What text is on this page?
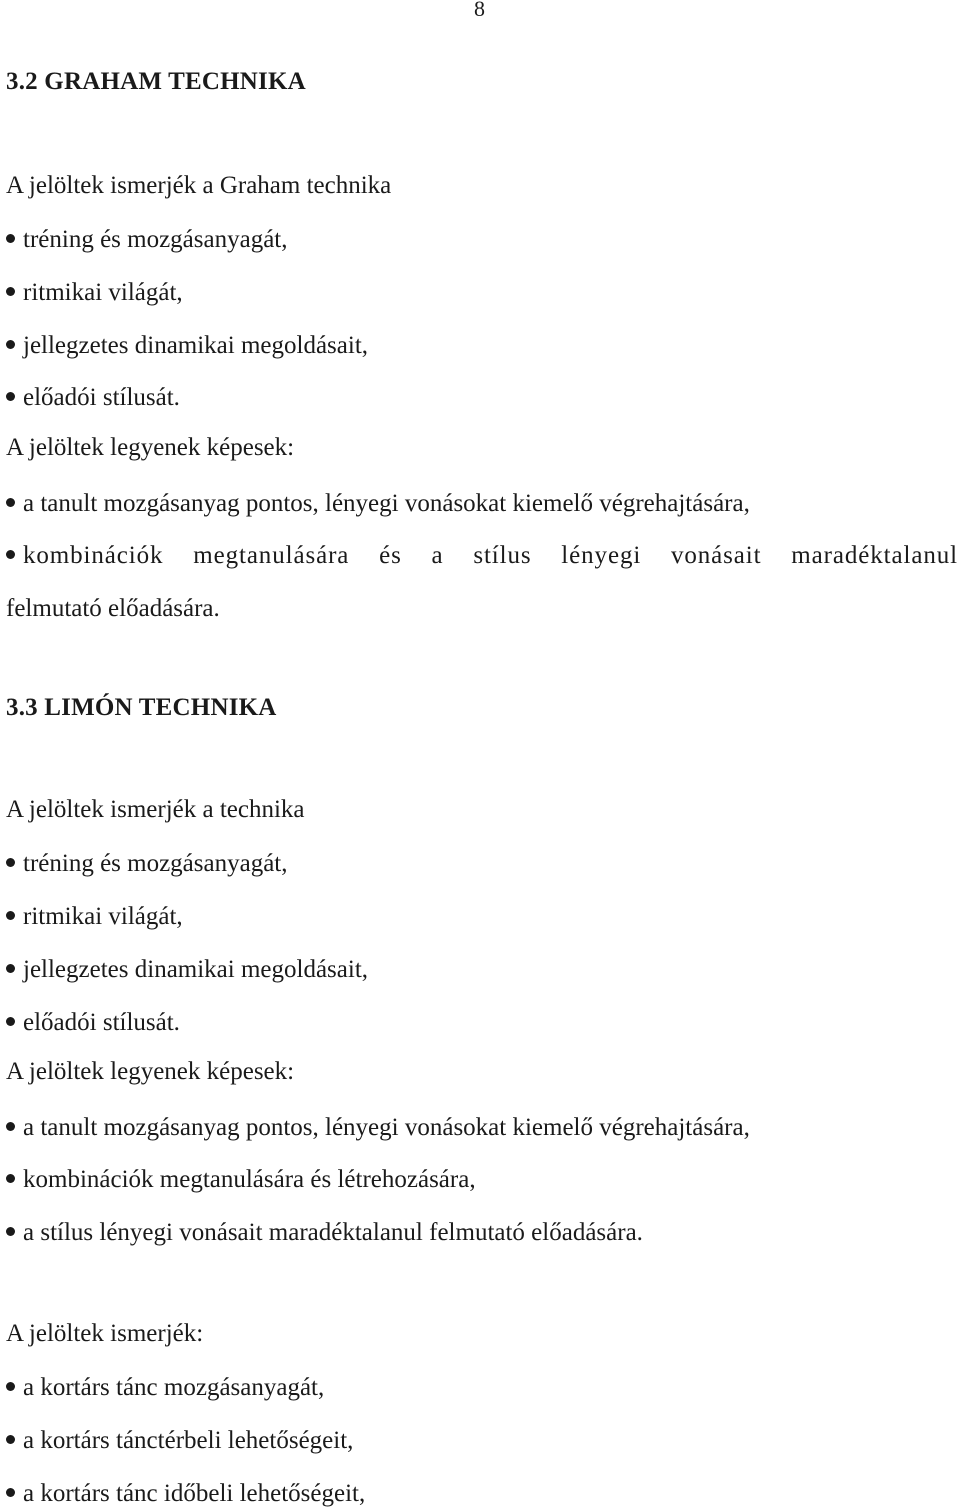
8
3.2 GRAHAM TECHNIKA
A jelöltek ismerjék a Graham technika
tréning és mozgásanyagát,
ritmikai világát,
jellegzetes dinamikai megoldásait,
előadói stílusát.
A jelöltek legyenek képesek:
a tanult mozgásanyag pontos, lényegi vonásokat kiemelő végrehajtására,
kombinációk megtanulására és a stílus lényegi vonásait maradéktalanul
felmutató előadására.
3.3 LIMÓN TECHNIKA
A jelöltek ismerjék a technika
tréning és mozgásanyagát,
ritmikai világát,
jellegzetes dinamikai megoldásait,
előadói stílusát.
A jelöltek legyenek képesek:
a tanult mozgásanyag pontos, lényegi vonásokat kiemelő végrehajtására,
kombinációk megtanulására és létrehozására,
a stílus lényegi vonásait maradéktalanul felmutató előadására.
A jelöltek ismerjék:
a kortárs tánc mozgásanyagát,
a kortárs tánctérbeli lehetőségeit,
a kortárs tánc időbeli lehetőségeit,
